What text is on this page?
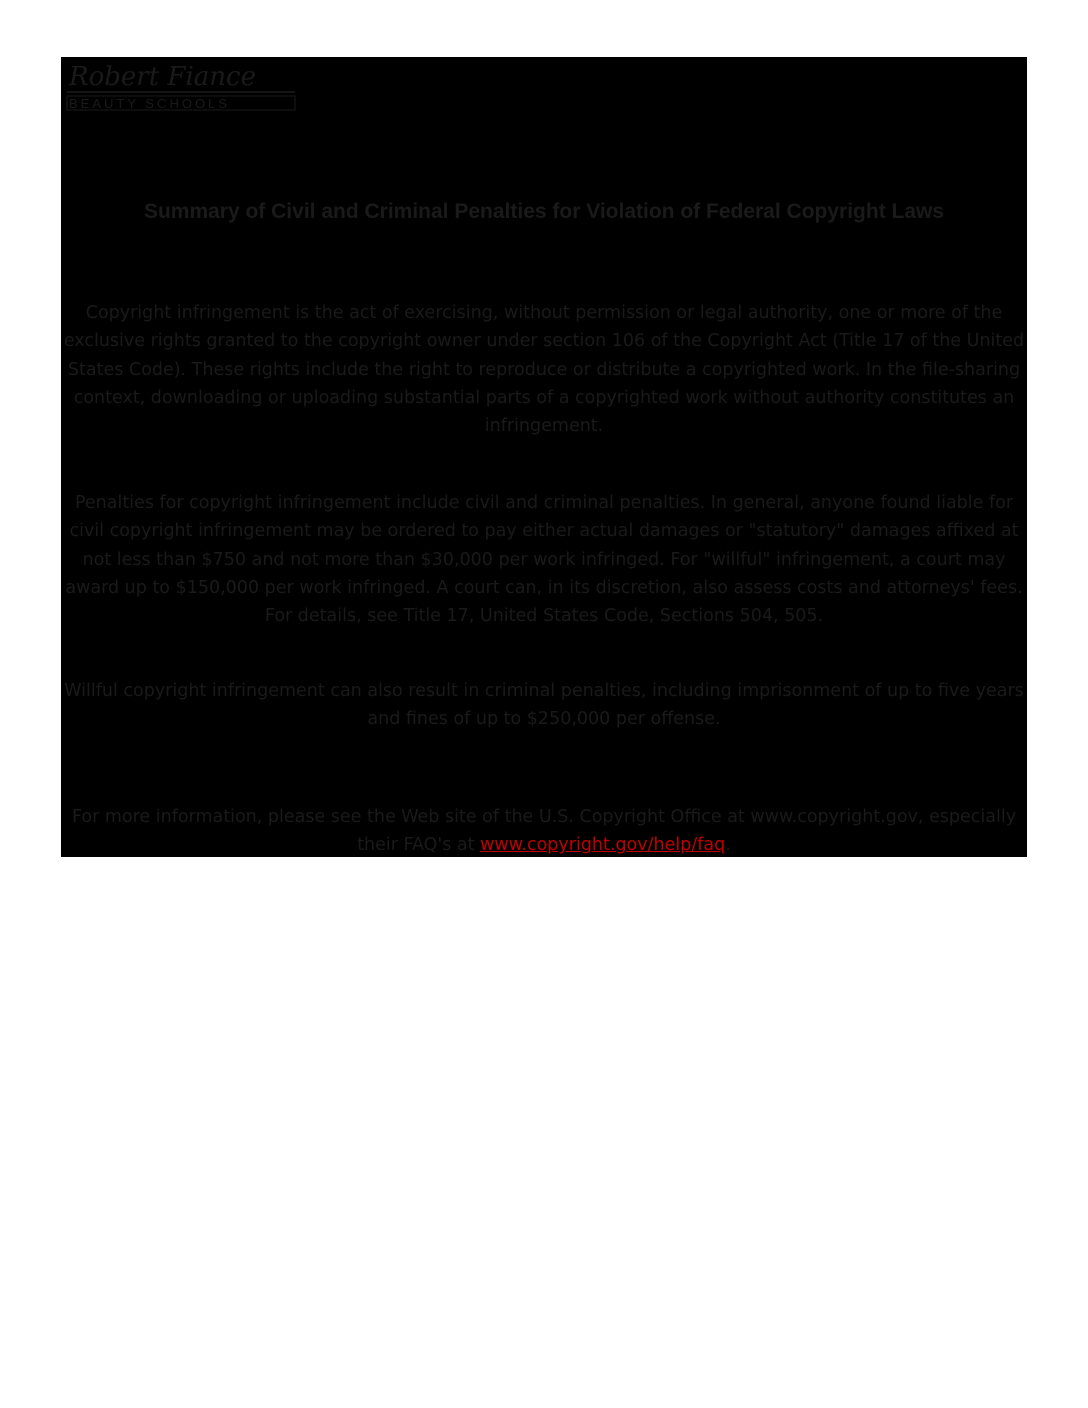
Robert Fiance
BEAUTY SCHOOLS
Summary of Civil and Criminal Penalties for Violation of Federal Copyright Laws

Copyright infringement is the act of exercising, without permission or legal authority, one or more of the exclusive rights granted to the copyright owner under section 106 of the Copyright Act (Title 17 of the United States Code). These rights include the right to reproduce or distribute a copyrighted work. In the file-sharing context, downloading or uploading substantial parts of a copyrighted work without authority constitutes an infringement.

Penalties for copyright infringement include civil and criminal penalties. In general, anyone found liable for civil copyright infringement may be ordered to pay either actual damages or "statutory" damages affixed at not less than $750 and not more than $30,000 per work infringed. For "willful" infringement, a court may award up to $150,000 per work infringed. A court can, in its discretion, also assess costs and attorneys' fees. For details, see Title 17, United States Code, Sections 504, 505.

Willful copyright infringement can also result in criminal penalties, including imprisonment of up to five years and fines of up to $250,000 per offense.

For more information, please see the Web site of the U.S. Copyright Office at www.copyright.gov, especially their FAQ's at www.copyright.gov/help/faq.
